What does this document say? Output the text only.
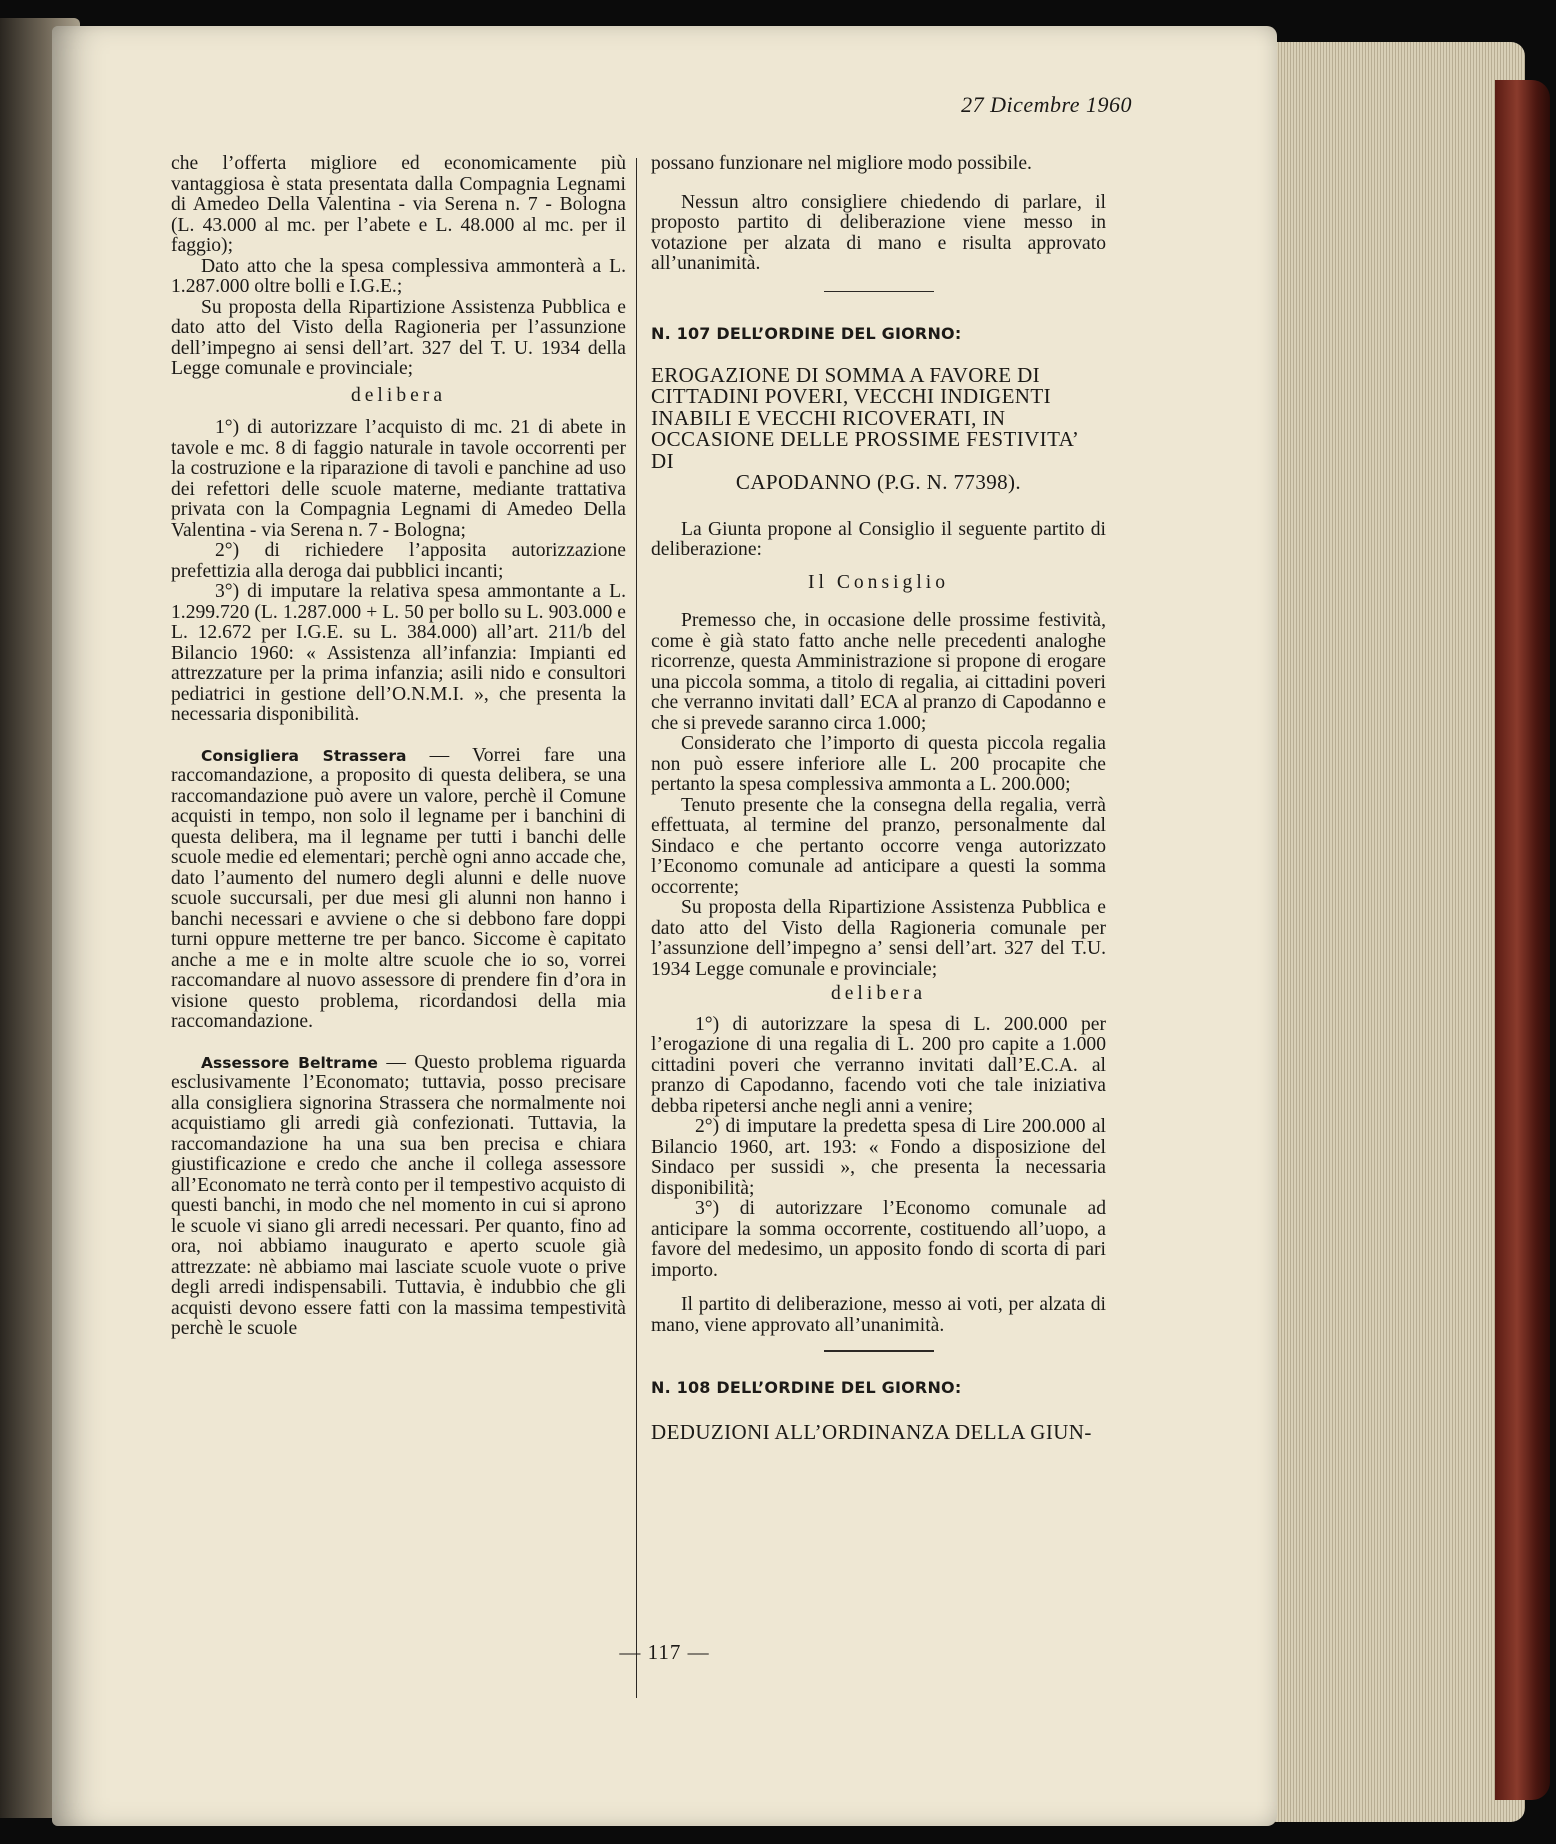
27 Dicembre 1960

che l’offerta migliore ed economicamente più vantaggiosa è stata presentata dalla Compagnia Legnami di Amedeo Della Valentina - via Serena n. 7 - Bologna (L. 43.000 al mc. per l’abete e L. 48.000 al mc. per il faggio);

Dato atto che la spesa complessiva ammonterà a L. 1.287.000 oltre bolli e I.G.E.;

Su proposta della Ripartizione Assistenza Pubblica e dato atto del Visto della Ragioneria per l’assunzione dell’impegno ai sensi dell’art. 327 del T. U. 1934 della Legge comunale e provinciale;

delibera

1°) di autorizzare l’acquisto di mc. 21 di abete in tavole e mc. 8 di faggio naturale in tavole occorrenti per la costruzione e la riparazione di tavoli e panchine ad uso dei refettori delle scuole materne, mediante trattativa privata con la Compagnia Legnami di Amedeo Della Valentina - via Serena n. 7 - Bologna;

2°) di richiedere l’apposita autorizzazione prefettizia alla deroga dai pubblici incanti;

3°) di imputare la relativa spesa ammontante a L. 1.299.720 (L. 1.287.000 + L. 50 per bollo su L. 903.000 e L. 12.672 per I.G.E. su L. 384.000) all’art. 211/b del Bilancio 1960: « Assistenza all’infanzia: Impianti ed attrezzature per la prima infanzia; asili nido e consultori pediatrici in gestione dell’O.N.M.I. », che presenta la necessaria disponibilità.

Consigliera Strassera — Vorrei fare una raccomandazione, a proposito di questa delibera, se una raccomandazione può avere un valore, perchè il Comune acquisti in tempo, non solo il legname per i banchini di questa delibera, ma il legname per tutti i banchi delle scuole medie ed elementari; perchè ogni anno accade che, dato l’aumento del numero degli alunni e delle nuove scuole succursali, per due mesi gli alunni non hanno i banchi necessari e avviene o che si debbono fare doppi turni oppure metterne tre per banco. Siccome è capitato anche a me e in molte altre scuole che io so, vorrei raccomandare al nuovo assessore di prendere fin d’ora in visione questo problema, ricordandosi della mia raccomandazione.

Assessore Beltrame — Questo problema riguarda esclusivamente l’Economato; tuttavia, posso precisare alla consigliera signorina Strassera che normalmente noi acquistiamo gli arredi già confezionati. Tuttavia, la raccomandazione ha una sua ben precisa e chiara giustificazione e credo che anche il collega assessore all’Economato ne terrà conto per il tempestivo acquisto di questi banchi, in modo che nel momento in cui si aprono le scuole vi siano gli arredi necessari. Per quanto, fino ad ora, noi abbiamo inaugurato e aperto scuole già attrezzate: nè abbiamo mai lasciate scuole vuote o prive degli arredi indispensabili. Tuttavia, è indubbio che gli acquisti devono essere fatti con la massima tempestività perchè le scuole

possano funzionare nel migliore modo possibile.

Nessun altro consigliere chiedendo di parlare, il proposto partito di deliberazione viene messo in votazione per alzata di mano e risulta approvato all’unanimità.

N. 107 DELL’ORDINE DEL GIORNO:

EROGAZIONE DI SOMMA A FAVORE DI CITTADINI POVERI, VECCHI INDIGENTI INABILI E VECCHI RICOVERATI, IN OCCASIONE DELLE PROSSIME FESTIVITA’ DI
CAPODANNO (P.G. N. 77398).

La Giunta propone al Consiglio il seguente partito di deliberazione:

Il Consiglio

Premesso che, in occasione delle prossime festività, come è già stato fatto anche nelle precedenti analoghe ricorrenze, questa Amministrazione si propone di erogare una piccola somma, a titolo di regalia, ai cittadini poveri che verranno invitati dall’ ECA al pranzo di Capodanno e che si prevede saranno circa 1.000;

Considerato che l’importo di questa piccola regalia non può essere inferiore alle L. 200 procapite che pertanto la spesa complessiva ammonta a L. 200.000;

Tenuto presente che la consegna della regalia, verrà effettuata, al termine del pranzo, personalmente dal Sindaco e che pertanto occorre venga autorizzato l’Economo comunale ad anticipare a questi la somma occorrente;

Su proposta della Ripartizione Assistenza Pubblica e dato atto del Visto della Ragioneria comunale per l’assunzione dell’impegno a’ sensi dell’art. 327 del T.U. 1934 Legge comunale e provinciale;

delibera

1°) di autorizzare la spesa di L. 200.000 per l’erogazione di una regalia di L. 200 pro capite a 1.000 cittadini poveri che verranno invitati dall’E.C.A. al pranzo di Capodanno, facendo voti che tale iniziativa debba ripetersi anche negli anni a venire;

2°) di imputare la predetta spesa di Lire 200.000 al Bilancio 1960, art. 193: « Fondo a disposizione del Sindaco per sussidi », che presenta la necessaria disponibilità;

3°) di autorizzare l’Economo comunale ad anticipare la somma occorrente, costituendo all’uopo, a favore del medesimo, un apposito fondo di scorta di pari importo.

Il partito di deliberazione, messo ai voti, per alzata di mano, viene approvato all’unanimità.

N. 108 DELL’ORDINE DEL GIORNO:

DEDUZIONI ALL’ORDINANZA DELLA GIUN-

— 117 —
